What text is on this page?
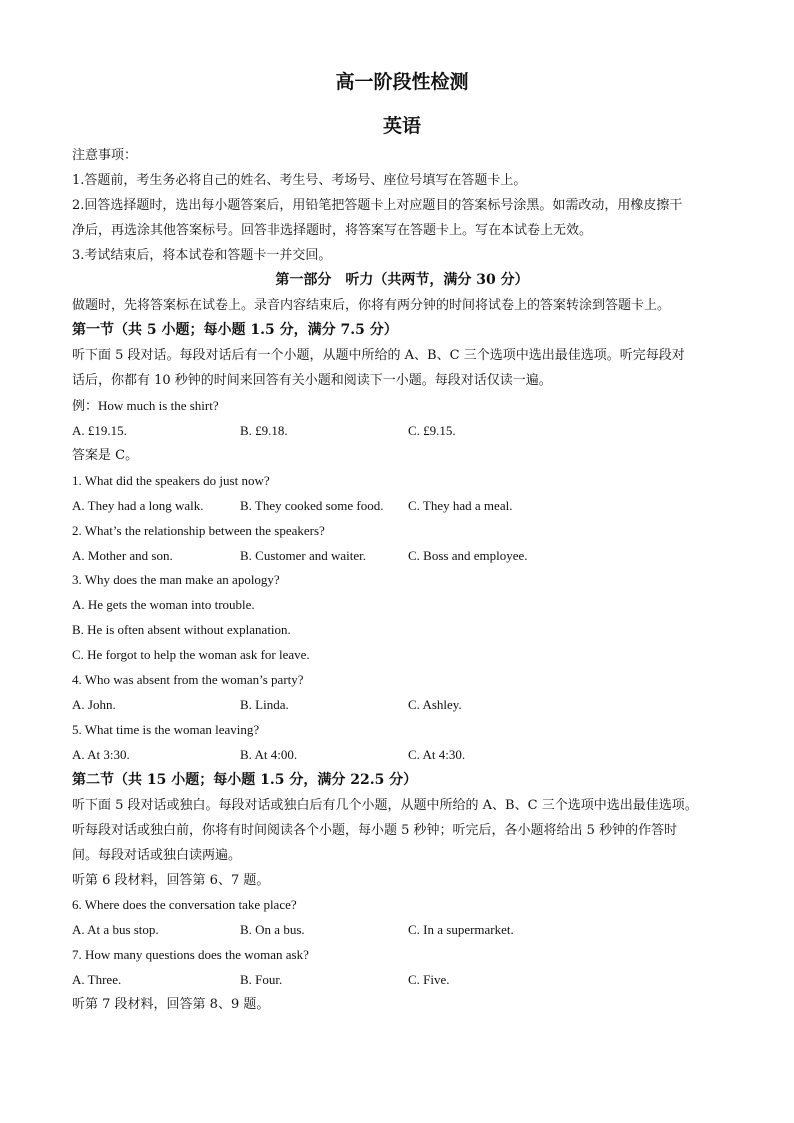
高一阶段性检测
英语
注意事项：
1.答题前，考生务必将自己的姓名、考生号、考场号、座位号填写在答题卡上。
2.回答选择题时，选出每小题答案后，用铅笔把答题卡上对应题目的答案标号涂黑。如需改动，用橡皮擦干
净后，再选涂其他答案标号。回答非选择题时，将答案写在答题卡上。写在本试卷上无效。
3.考试结束后，将本试卷和答题卡一并交回。
第一部分　听力（共两节，满分 30 分）
做题时，先将答案标在试卷上。录音内容结束后，你将有两分钟的时间将试卷上的答案转涂到答题卡上。
第一节（共 5 小题；每小题 1.5 分，满分 7.5 分）
听下面 5 段对话。每段对话后有一个小题，从题中所给的 A、B、C 三个选项中选出最佳选项。听完每段对
话后，你都有 10 秒钟的时间来回答有关小题和阅读下一小题。每段对话仅读一遍。
例：How much is the shirt?
A. £19.15.	B. £9.18.	C. £9.15.
答案是 C。
1. What did the speakers do just now?
A. They had a long walk.	B. They cooked some food. C. They had a meal.
2. What’s the relationship between the speakers?
A. Mother and son.	B. Customer and waiter.	C. Boss and employee.
3. Why does the man make an apology?
A. He gets the woman into trouble.
B. He is often absent without explanation.
C. He forgot to help the woman ask for leave.
4. Who was absent from the woman’s party?
A. John.	B. Linda.	C. Ashley.
5. What time is the woman leaving?
A. At 3:30.	B. At 4:00.	C. At 4:30.
第二节（共 15 小题；每小题 1.5 分，满分 22.5 分）
听下面 5 段对话或独白。每段对话或独白后有几个小题，从题中所给的 A、B、C 三个选项中选出最佳选项。
听每段对话或独白前，你将有时间阅读各个小题，每小题 5 秒钟；听完后，各小题将给出 5 秒钟的作答时
间。每段对话或独白读两遍。
听第 6 段材料，回答第 6、7 题。
6. Where does the conversation take place?
A. At a bus stop.	B. On a bus.	C. In a supermarket.
7. How many questions does the woman ask?
A. Three.	B. Four.	C. Five.
听第 7 段材料，回答第 8、9 题。
